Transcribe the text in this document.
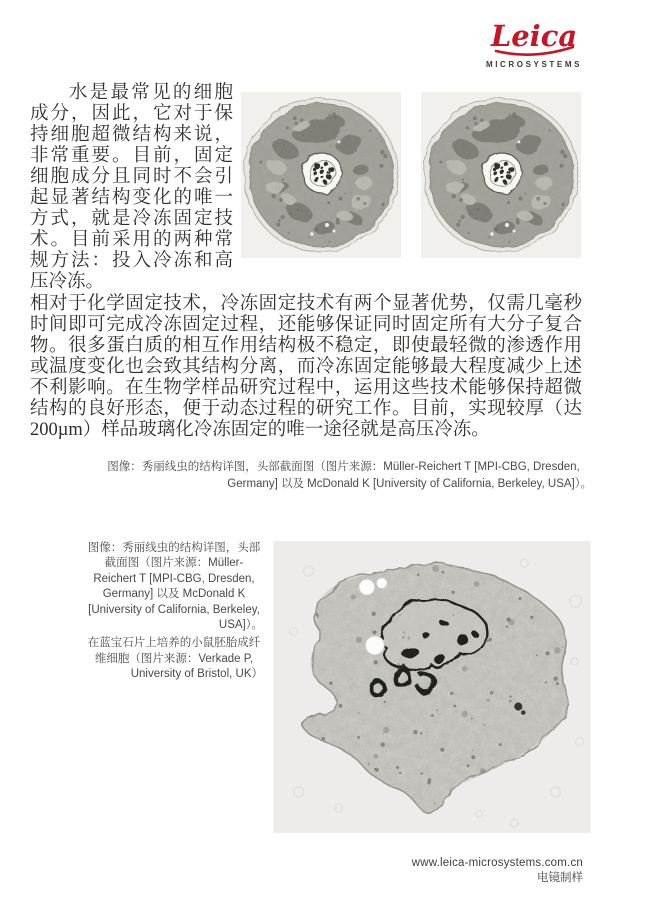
Leica
MICROSYSTEMS
水是最常见的细胞成分，因此，它对于保持细胞超微结构来说，非常重要。目前，固定细胞成分且同时不会引起显著结构变化的唯一方式，就是冷冻固定技术。目前采用的两种常规方法：投入冷冻和高压冷冻。
相对于化学固定技术，冷冻固定技术有两个显著优势，仅需几毫秒时间即可完成冷冻固定过程，还能够保证同时固定所有大分子复合物。很多蛋白质的相互作用结构极不稳定，即使最轻微的渗透作用或温度变化也会致其结构分离，而冷冻固定能够最大程度减少上述不利影响。在生物学样品研究过程中，运用这些技术能够保持超微结构的良好形态，便于动态过程的研究工作。目前，实现较厚（达 200µm）样品玻璃化冷冻固定的唯一途径就是高压冷冻。
图像：秀丽线虫的结构详图，头部截面图（图片来源：Müller-Reichert T [MPI-CBG, Dresden, Germany] 以及 McDonald K [University of California, Berkeley, USA]）。

图像：秀丽线虫的结构详图，头部截面图（图片来源：Müller-Reichert T [MPI-CBG, Dresden, Germany] 以及 McDonald K [University of California, Berkeley, USA]）。

在蓝宝石片上培养的小鼠胚胎成纤维细胞（图片来源：Verkade P, University of Bristol, UK）

www.leica-microsystems.com.cn
电镜制样
